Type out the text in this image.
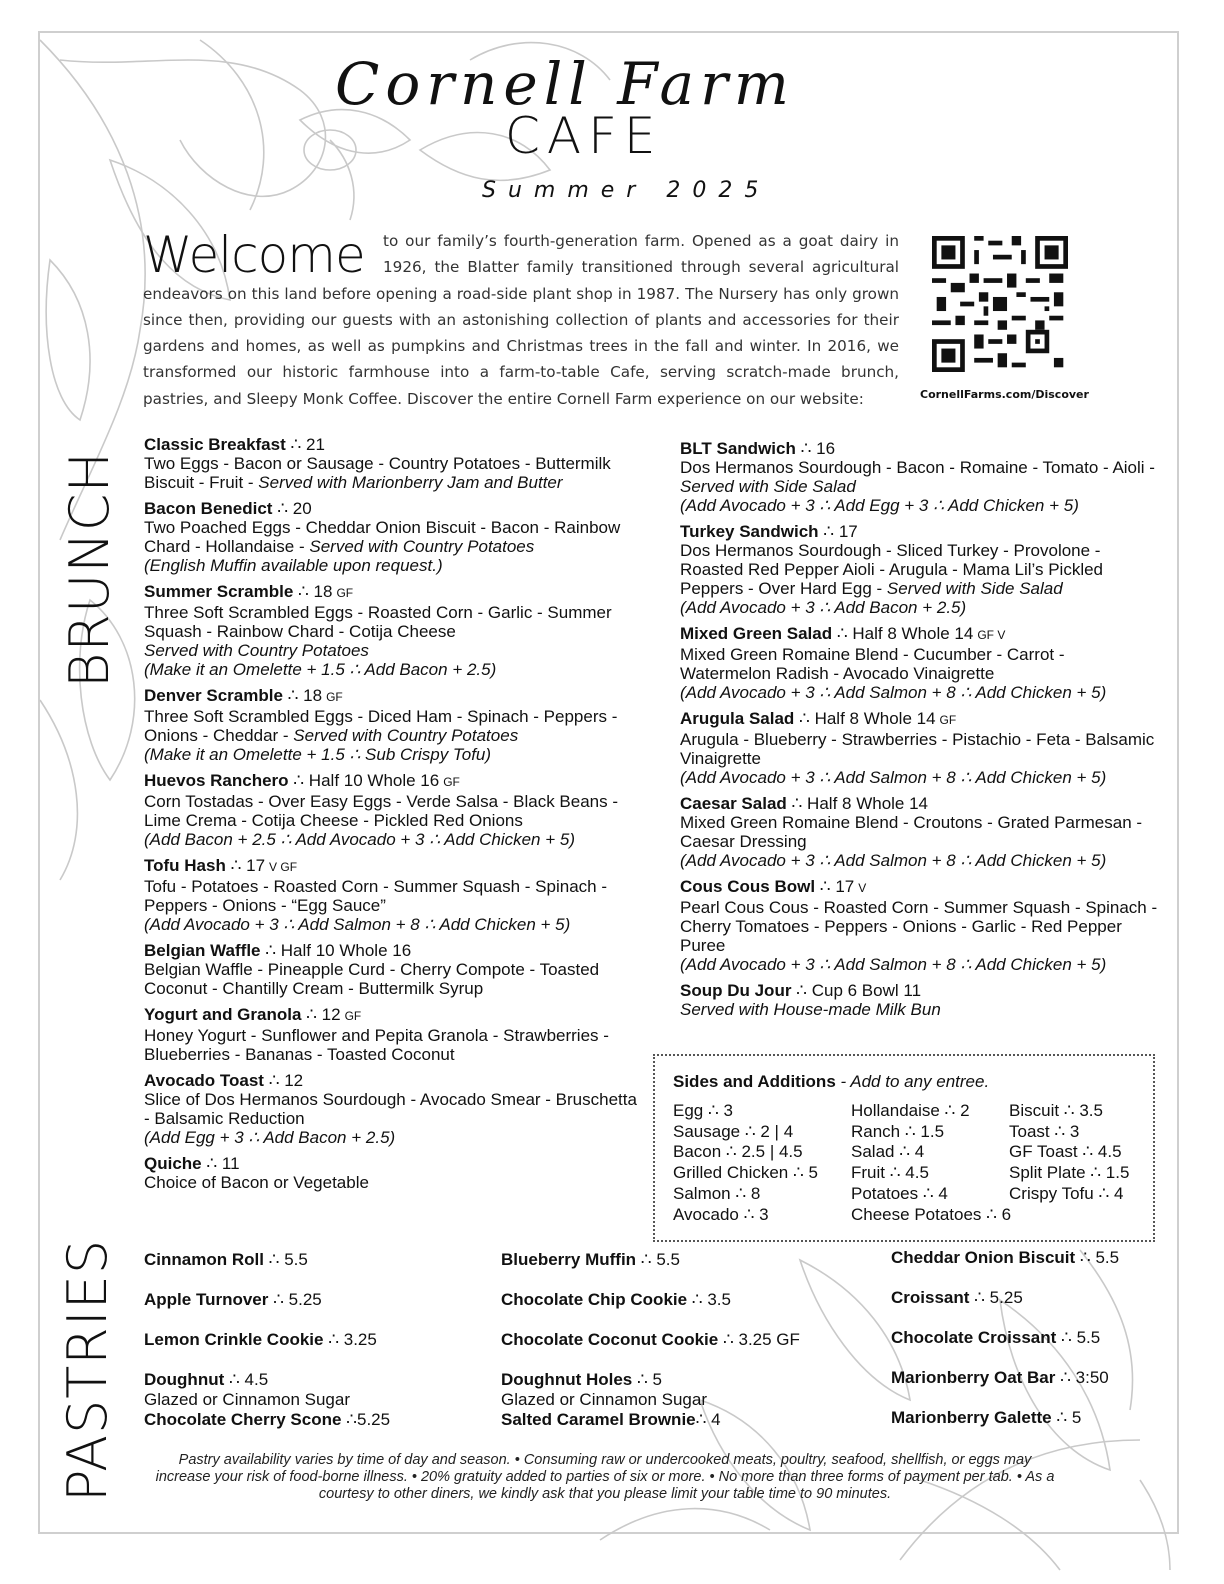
Cornell Farm
CAFE
Summer 2025
Welcome	to our family’s fourth-generation farm. Opened as a goat dairy in 1926, the Blatter family transitioned through several agricultural endeavors on this land before opening a road-side plant shop in 1987. The Nursery has only grown since then, providing our guests with an astonishing collection of plants and accessories for their gardens and homes, as well as pumpkins and Christmas trees in the fall and winter. In 2016, we transformed our historic farmhouse into a farm-to-table Cafe, serving scratch-made brunch, pastries, and Sleepy Monk Coffee. Discover the entire Cornell Farm experience on our website:	CornellFarms.com/Discover
BRUNCH
PASTRIES
Classic Breakfast ∴ 21
Two Eggs - Bacon or Sausage - Country Potatoes - Buttermilk Biscuit - Fruit - Served with Marionberry Jam and Butter
Bacon Benedict ∴ 20
Two Poached Eggs - Cheddar Onion Biscuit - Bacon - Rainbow Chard - Hollandaise - Served with Country Potatoes
(English Muffin available upon request.)
Summer Scramble ∴ 18 GF
Three Soft Scrambled Eggs - Roasted Corn - Garlic - Summer Squash - Rainbow Chard - Cotija Cheese
Served with Country Potatoes
(Make it an Omelette + 1.5 ∴ Add Bacon + 2.5)
Denver Scramble ∴ 18 GF
Three Soft Scrambled Eggs - Diced Ham - Spinach - Peppers - Onions - Cheddar - Served with Country Potatoes
(Make it an Omelette + 1.5 ∴ Sub Crispy Tofu)
Huevos Ranchero ∴ Half 10 Whole 16 GF
Corn Tostadas - Over Easy Eggs - Verde Salsa - Black Beans - Lime Crema - Cotija Cheese - Pickled Red Onions
(Add Bacon + 2.5 ∴ Add Avocado + 3 ∴ Add Chicken + 5)
Tofu Hash ∴ 17 V GF
Tofu - Potatoes - Roasted Corn - Summer Squash - Spinach - Peppers - Onions - “Egg Sauce”
(Add Avocado + 3 ∴ Add Salmon + 8 ∴ Add Chicken + 5)
Belgian Waffle ∴ Half 10 Whole 16
Belgian Waffle - Pineapple Curd - Cherry Compote - Toasted Coconut - Chantilly Cream - Buttermilk Syrup
Yogurt and Granola ∴ 12 GF
Honey Yogurt - Sunflower and Pepita Granola - Strawberries - Blueberries - Bananas - Toasted Coconut
Avocado Toast ∴ 12
Slice of Dos Hermanos Sourdough - Avocado Smear - Bruschetta - Balsamic Reduction
(Add Egg + 3 ∴ Add Bacon + 2.5)
Quiche ∴ 11
Choice of Bacon or Vegetable
BLT Sandwich ∴ 16
Dos Hermanos Sourdough - Bacon - Romaine - Tomato - Aioli - Served with Side Salad
(Add Avocado + 3 ∴ Add Egg + 3 ∴ Add Chicken + 5)
Turkey Sandwich ∴ 17
Dos Hermanos Sourdough - Sliced Turkey - Provolone - Roasted Red Pepper Aioli - Arugula - Mama Lil’s Pickled Peppers - Over Hard Egg - Served with Side Salad
(Add Avocado + 3 ∴ Add Bacon + 2.5)
Mixed Green Salad ∴ Half 8 Whole 14 GF V
Mixed Green Romaine Blend - Cucumber - Carrot - Watermelon Radish - Avocado Vinaigrette
(Add Avocado + 3 ∴ Add Salmon + 8 ∴ Add Chicken + 5)
Arugula Salad ∴ Half 8 Whole 14 GF
Arugula - Blueberry - Strawberries - Pistachio - Feta - Balsamic Vinaigrette
(Add Avocado + 3 ∴ Add Salmon + 8 ∴ Add Chicken + 5)
Caesar Salad ∴ Half 8 Whole 14
Mixed Green Romaine Blend - Croutons - Grated Parmesan - Caesar Dressing
(Add Avocado + 3 ∴ Add Salmon + 8 ∴ Add Chicken + 5)
Cous Cous Bowl ∴ 17 V
Pearl Cous Cous - Roasted Corn - Summer Squash - Spinach - Cherry Tomatoes - Peppers - Onions - Garlic - Red Pepper Puree
(Add Avocado + 3 ∴ Add Salmon + 8 ∴ Add Chicken + 5)
Soup Du Jour ∴ Cup 6 Bowl 11
Served with House-made Milk Bun
Sides and Additions - Add to any entree.
Egg ∴ 3
Sausage ∴ 2 | 4
Bacon ∴ 2.5 | 4.5
Grilled Chicken ∴ 5
Salmon ∴ 8
Avocado ∴ 3
Hollandaise ∴ 2
Ranch ∴ 1.5
Salad ∴ 4
Fruit ∴ 4.5
Potatoes ∴ 4
Cheese Potatoes ∴ 6
Biscuit ∴ 3.5
Toast ∴ 3
GF Toast ∴ 4.5
Split Plate ∴ 1.5
Crispy Tofu ∴ 4
Cinnamon Roll ∴ 5.5
Apple Turnover ∴ 5.25
Lemon Crinkle Cookie ∴ 3.25
Doughnut ∴ 4.5
Glazed or Cinnamon Sugar
Chocolate Cherry Scone ∴5.25
Blueberry Muffin ∴ 5.5
Chocolate Chip Cookie ∴ 3.5
Chocolate Coconut Cookie ∴ 3.25 GF
Doughnut Holes ∴ 5
Glazed or Cinnamon Sugar
Salted Caramel Brownie∴ 4
Cheddar Onion Biscuit ∴ 5.5
Croissant ∴ 5.25
Chocolate Croissant ∴ 5.5
Marionberry Oat Bar ∴ 3:50
Marionberry Galette ∴ 5
Pastry availability varies by time of day and season. • Consuming raw or undercooked meats, poultry, seafood, shellfish, or eggs may increase your risk of food-borne illness. • 20% gratuity added to parties of six or more. • No more than three forms of payment per tab. • As a courtesy to other diners, we kindly ask that you please limit your table time to 90 minutes.
